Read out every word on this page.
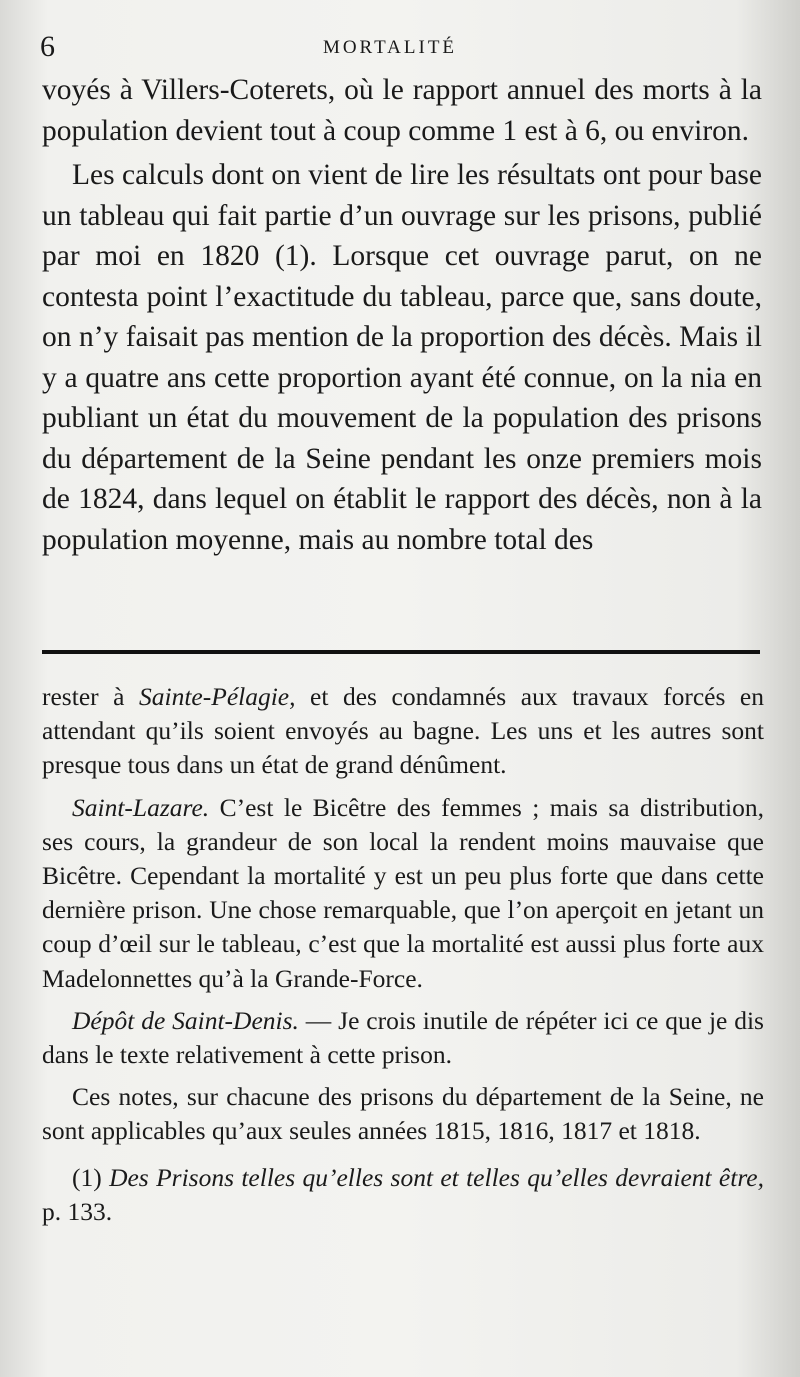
6	MORTALITÉ

voyés à Villers-Coterets, où le rapport annuel des morts à la population devient tout à coup comme 1 est à 6, ou environ.

Les calculs dont on vient de lire les résultats ont pour base un tableau qui fait partie d’un ouvrage sur les prisons, publié par moi en 1820 (1). Lorsque cet ouvrage parut, on ne contesta point l’exactitude du tableau, parce que, sans doute, on n’y faisait pas mention de la proportion des décès. Mais il y a quatre ans cette proportion ayant été connue, on la nia en publiant un état du mouvement de la population des prisons du département de la Seine pendant les onze premiers mois de 1824, dans lequel on établit le rapport des décès, non à la population moyenne, mais au nombre total des

rester à Sainte-Pélagie, et des condamnés aux travaux forcés en attendant qu’ils soient envoyés au bagne. Les uns et les autres sont presque tous dans un état de grand dénûment.

Saint-Lazare. C’est le Bicêtre des femmes ; mais sa distribution, ses cours, la grandeur de son local la rendent moins mauvaise que Bicêtre. Cependant la mortalité y est un peu plus forte que dans cette dernière prison. Une chose remarquable, que l’on aperçoit en jetant un coup d’œil sur le tableau, c’est que la mortalité est aussi plus forte aux Madelonnettes qu’à la Grande-Force.

Dépôt de Saint-Denis. — Je crois inutile de répéter ici ce que je dis dans le texte relativement à cette prison.

Ces notes, sur chacune des prisons du département de la Seine, ne sont applicables qu’aux seules années 1815, 1816, 1817 et 1818.

(1) Des Prisons telles qu’elles sont et telles qu’elles devraient être, p. 133.
